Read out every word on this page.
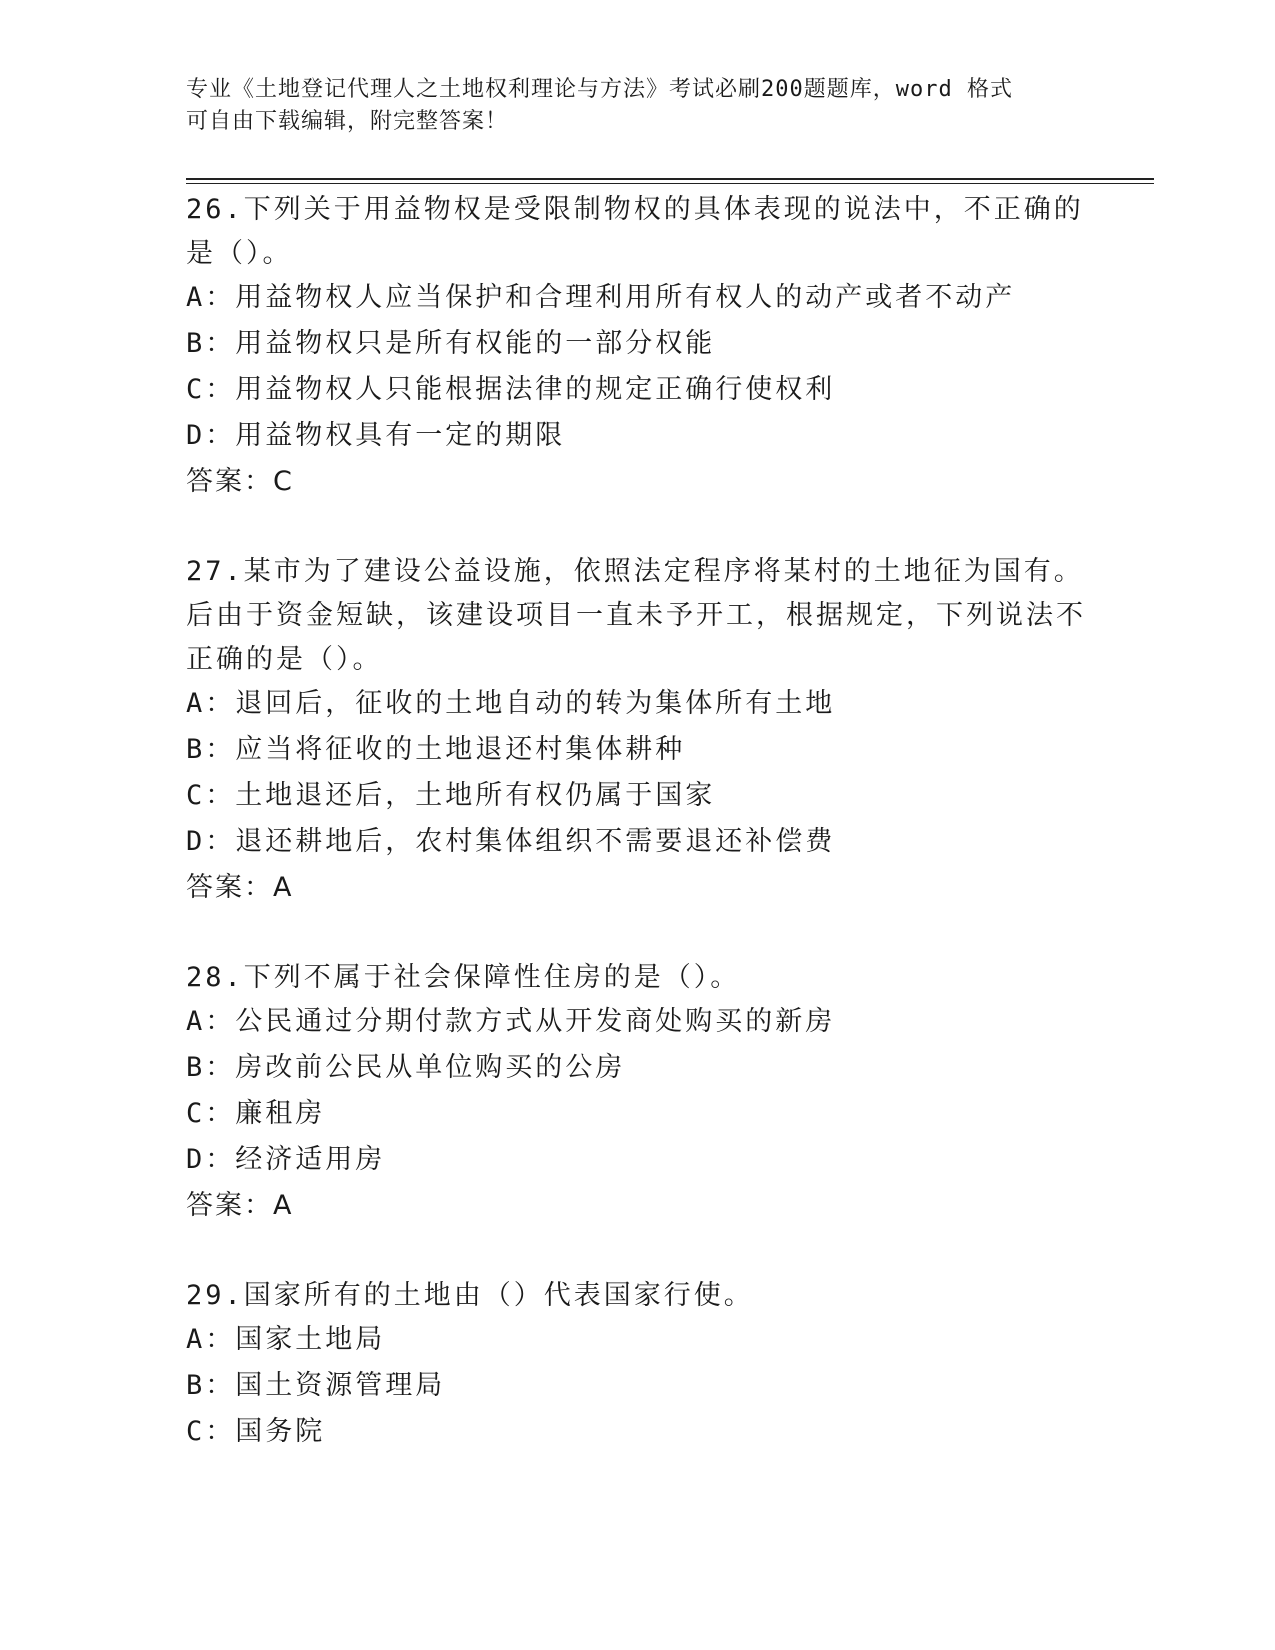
专业《土地登记代理人之土地权利理论与方法》考试必刷200题题库，word 格式
可自由下载编辑，附完整答案！
26.下列关于用益物权是受限制物权的具体表现的说法中，不正确的是（）。
A：用益物权人应当保护和合理利用所有权人的动产或者不动产
B：用益物权只是所有权能的一部分权能
C：用益物权人只能根据法律的规定正确行使权利
D：用益物权具有一定的期限
答案：C
27.某市为了建设公益设施，依照法定程序将某村的土地征为国有。后由于资金短缺，该建设项目一直未予开工，根据规定，下列说法不正确的是（）。
A：退回后，征收的土地自动的转为集体所有土地
B：应当将征收的土地退还村集体耕种
C：土地退还后，土地所有权仍属于国家
D：退还耕地后，农村集体组织不需要退还补偿费
答案：A
28.下列不属于社会保障性住房的是（）。
A：公民通过分期付款方式从开发商处购买的新房
B：房改前公民从单位购买的公房
C：廉租房
D：经济适用房
答案：A
29.国家所有的土地由（）代表国家行使。
A：国家土地局
B：国土资源管理局
C：国务院
